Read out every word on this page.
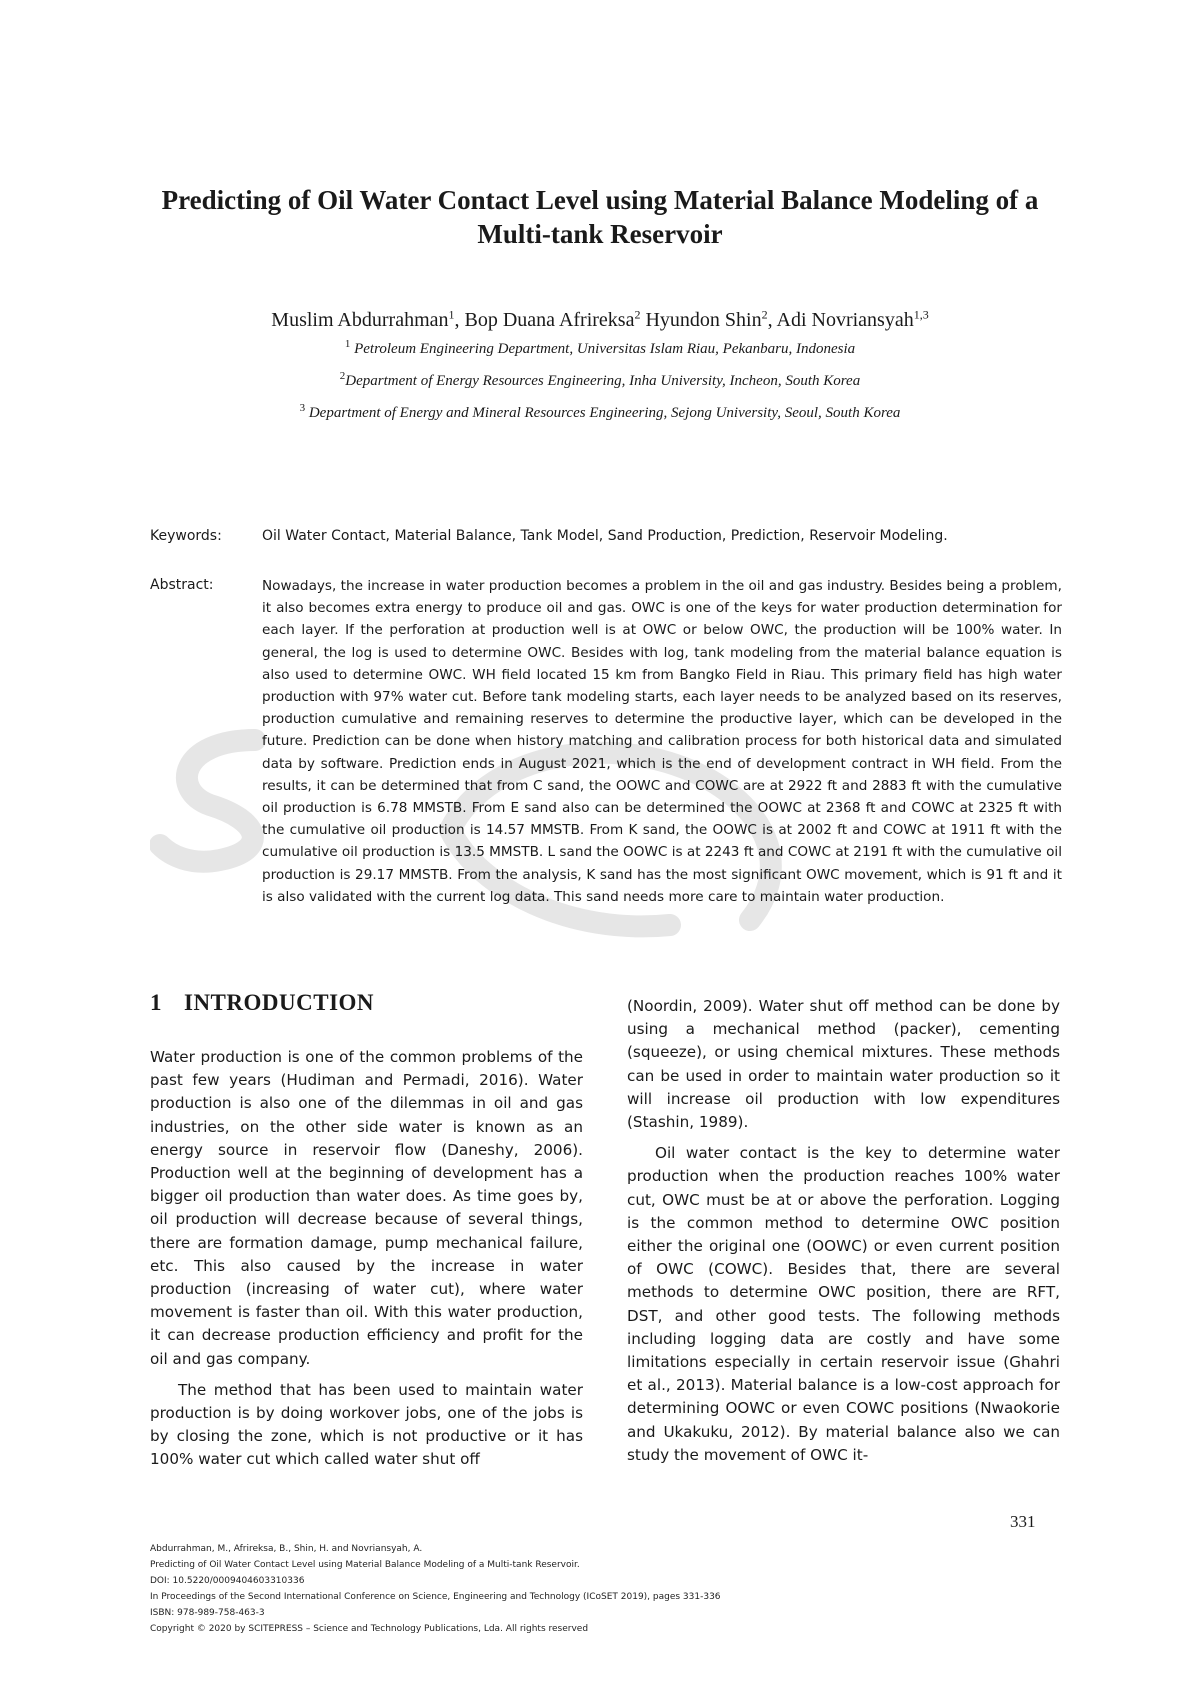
Predicting of Oil Water Contact Level using Material Balance Modeling of a Multi-tank Reservoir
Muslim Abdurrahman$^1$, Bop Duana Afrireksa$^2$ Hyundon Shin$^2$, Adi Novriansyah$^{1,3}$
$^1$ Petroleum Engineering Department, Universitas Islam Riau, Pekanbaru, Indonesia
$^2$Department of Energy Resources Engineering, Inha University, Incheon, South Korea
$^3$ Department of Energy and Mineral Resources Engineering, Sejong University, Seoul, South Korea
Keywords:	Oil Water Contact, Material Balance, Tank Model, Sand Production, Prediction, Reservoir Modeling.
Abstract:	Nowadays, the increase in water production becomes a problem in the oil and gas industry. Besides being a problem, it also becomes extra energy to produce oil and gas. OWC is one of the keys for water production determination for each layer. If the perforation at production well is at OWC or below OWC, the production will be 100% water. In general, the log is used to determine OWC. Besides with log, tank modeling from the material balance equation is also used to determine OWC. WH field located 15 km from Bangko Field in Riau. This primary field has high water production with 97% water cut. Before tank modeling starts, each layer needs to be analyzed based on its reserves, production cumulative and remaining reserves to determine the productive layer, which can be developed in the future. Prediction can be done when history matching and calibration process for both historical data and simulated data by software. Prediction ends in August 2021, which is the end of development contract in WH field. From the results, it can be determined that from C sand, the OOWC and COWC are at 2922 ft and 2883 ft with the cumulative oil production is 6.78 MMSTB. From E sand also can be determined the OOWC at 2368 ft and COWC at 2325 ft with the cumulative oil production is 14.57 MMSTB. From K sand, the OOWC is at 2002 ft and COWC at 1911 ft with the cumulative oil production is 13.5 MMSTB. L sand the OOWC is at 2243 ft and COWC at 2191 ft with the cumulative oil production is 29.17 MMSTB. From the analysis, K sand has the most significant OWC movement, which is 91 ft and it is also validated with the current log data. This sand needs more care to maintain water production.
1 INTRODUCTION

Water production is one of the common problems of the past few years (Hudiman and Permadi, 2016). Water production is also one of the dilemmas in oil and gas industries, on the other side water is known as an energy source in reservoir flow (Daneshy, 2006). Production well at the beginning of development has a bigger oil production than water does. As time goes by, oil production will decrease because of several things, there are formation damage, pump mechanical failure, etc. This also caused by the increase in water production (increasing of water cut), where water movement is faster than oil. With this water production, it can decrease production efficiency and profit for the oil and gas company.

The method that has been used to maintain water production is by doing workover jobs, one of the jobs is by closing the zone, which is not productive or it has 100% water cut which called water shut off

(Noordin, 2009). Water shut off method can be done by using a mechanical method (packer), cementing (squeeze), or using chemical mixtures. These methods can be used in order to maintain water production so it will increase oil production with low expenditures (Stashin, 1989).

Oil water contact is the key to determine water production when the production reaches 100% water cut, OWC must be at or above the perforation. Logging is the common method to determine OWC position either the original one (OOWC) or even current position of OWC (COWC). Besides that, there are several methods to determine OWC position, there are RFT, DST, and other good tests. The following methods including logging data are costly and have some limitations especially in certain reservoir issue (Ghahri et al., 2013). Material balance is a low-cost approach for determining OOWC or even COWC positions (Nwaokorie and Ukakuku, 2012). By material balance also we can study the movement of OWC it-

331
Abdurrahman, M., Afrireksa, B., Shin, H. and Novriansyah, A.
Predicting of Oil Water Contact Level using Material Balance Modeling of a Multi-tank Reservoir.
DOI: 10.5220/0009404603310336
In Proceedings of the Second International Conference on Science, Engineering and Technology (ICoSET 2019), pages 331-336
ISBN: 978-989-758-463-3
Copyright © 2020 by SCITEPRESS – Science and Technology Publications, Lda. All rights reserved
